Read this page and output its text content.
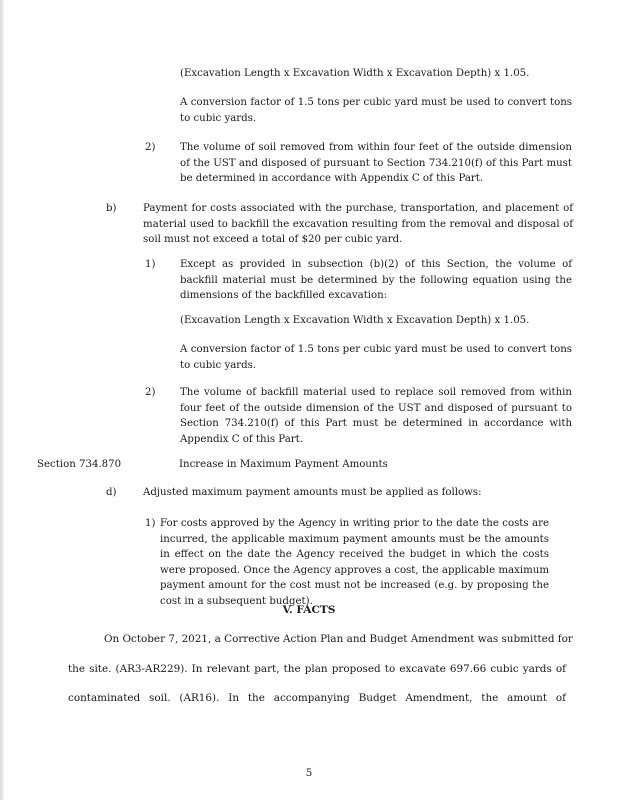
(Excavation Length x Excavation Width x Excavation Depth) x 1.05.

A conversion factor of 1.5 tons per cubic yard must be used to convert tons to cubic yards.

2) The volume of soil removed from within four feet of the outside dimension of the UST and disposed of pursuant to Section 734.210(f) of this Part must be determined in accordance with Appendix C of this Part.

b)	Payment for costs associated with the purchase, transportation, and placement of material used to backfill the excavation resulting from the removal and disposal of soil must not exceed a total of $20 per cubic yard.

1) Except as provided in subsection (b)(2) of this Section, the volume of backfill material must be determined by the following equation using the dimensions of the backfilled excavation:

(Excavation Length x Excavation Width x Excavation Depth) x 1.05.

A conversion factor of 1.5 tons per cubic yard must be used to convert tons to cubic yards.

2) The volume of backfill material used to replace soil removed from within four feet of the outside dimension of the UST and disposed of pursuant to Section 734.210(f) of this Part must be determined in accordance with Appendix C of this Part.

Section 734.870	Increase in Maximum Payment Amounts

d)	Adjusted maximum payment amounts must be applied as follows:

1) For costs approved by the Agency in writing prior to the date the costs are incurred, the applicable maximum payment amounts must be the amounts in effect on the date the Agency received the budget in which the costs were proposed. Once the Agency approves a cost, the applicable maximum payment amount for the cost must not be increased (e.g. by proposing the cost in a subsequent budget).

V. FACTS

On October 7, 2021, a Corrective Action Plan and Budget Amendment was submitted for
the site. (AR3-AR229). In relevant part, the plan proposed to excavate 697.66 cubic yards of
contaminated soil. (AR16). In the accompanying Budget Amendment, the amount of

5
